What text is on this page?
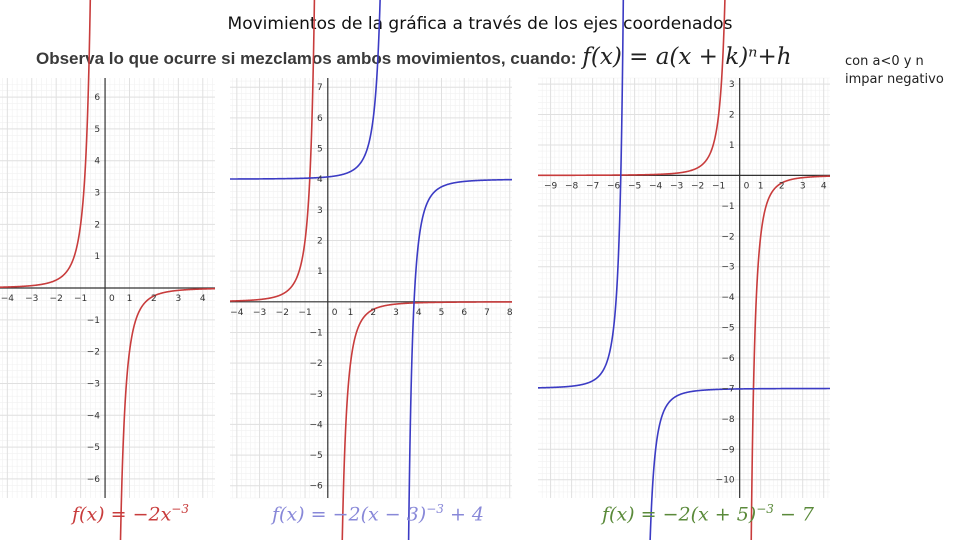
Movimientos de la gráfica a través de los ejes coordenados
Observa lo que ocurre si mezclamos ambos movimientos, cuando: f(x) = a(x + k)ⁿ+h	con a<0 y n impar negativo
−4 −3 −2 −1	1 2 3 4
−6
−5
−4
−3
−2
−1
1
2
3
4
5
6
0
−4 −3 −2 −1	1 2 3 4 5 6 7 8
−6
−5
−4
−3
−2
−1
1
2
3
4
5
6
7
0
−9 −8 −7 −6 −5 −4 −3 −2 −1	1 2 3 4
−10
−9
−8
−7
−6
−5
−4
−3
−2
−1
1
2
3
0
$f(x) = -2x^{-3}$	$f(x) = -2(x - 3)^{-3} + 4$	$f(x) = -2(x + 5)^{-3} - 7$
